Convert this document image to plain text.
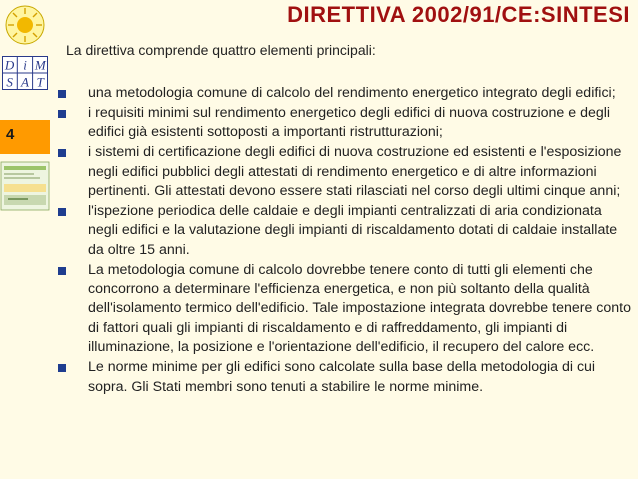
D i M
S A T
4
DIRETTIVA 2002/91/CE:SINTESI
La direttiva comprende quattro elementi principali:
una metodologia comune di calcolo del rendimento energetico integrato degli edifici;
i requisiti minimi sul rendimento energetico degli edifici di nuova costruzione e degli edifici già esistenti sottoposti a importanti ristrutturazioni;
i sistemi di certificazione degli edifici di nuova costruzione ed esistenti e l'esposizione negli edifici pubblici degli attestati di rendimento energetico e di altre informazioni pertinenti. Gli attestati devono essere stati rilasciati nel corso degli ultimi cinque anni;
l'ispezione periodica delle caldaie e degli impianti centralizzati di aria condizionata negli edifici e la valutazione degli impianti di riscaldamento dotati di caldaie installate da oltre 15 anni.
La metodologia comune di calcolo dovrebbe tenere conto di tutti gli elementi che concorrono a determinare l'efficienza energetica, e non più soltanto della qualità dell'isolamento termico dell'edificio. Tale impostazione integrata dovrebbe tenere conto di fattori quali gli impianti di riscaldamento e di raffreddamento, gli impianti di illuminazione, la posizione e l'orientazione dell'edificio, il recupero del calore ecc.
Le norme minime per gli edifici sono calcolate sulla base della metodologia di cui sopra. Gli Stati membri sono tenuti a stabilire le norme minime.
